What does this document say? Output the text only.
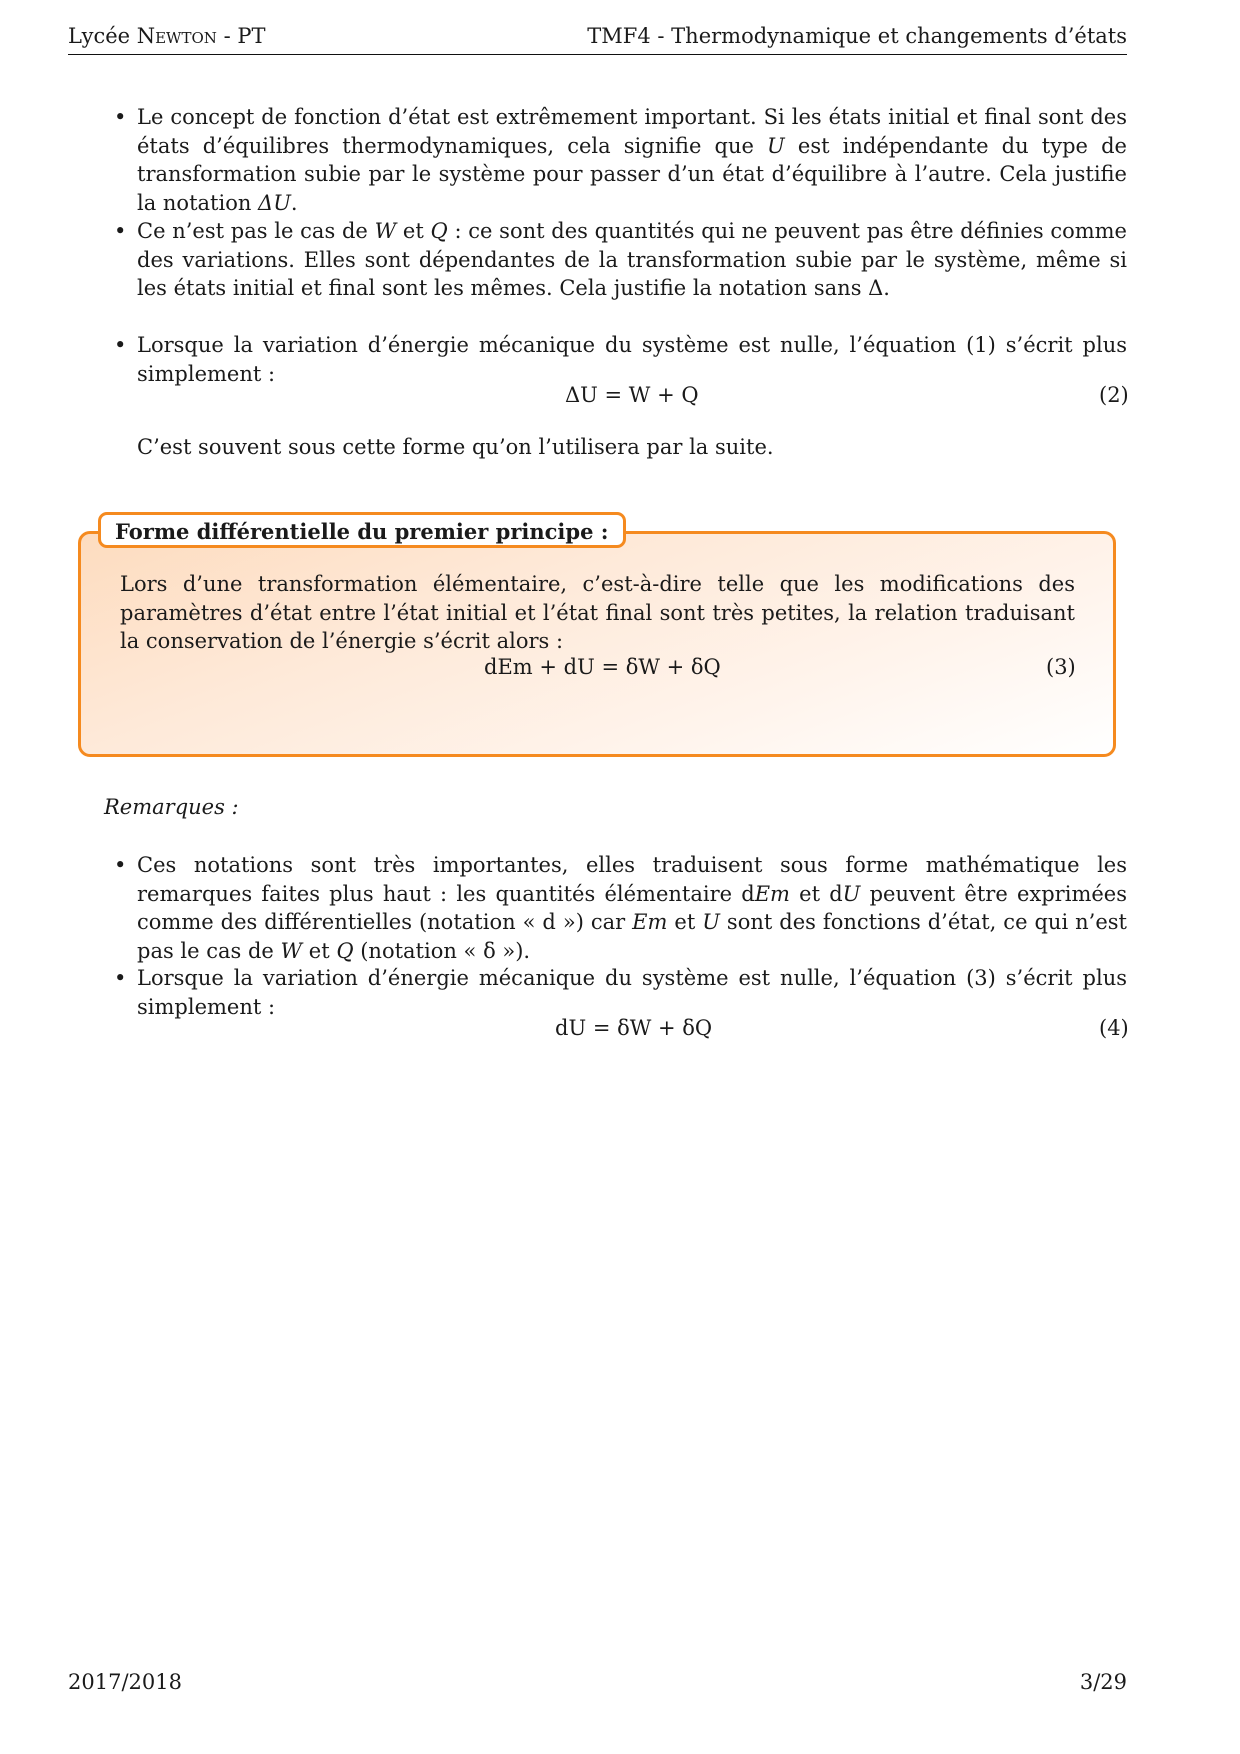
Lycée Newton - PT	TMF4 - Thermodynamique et changements d’états
• Le concept de fonction d’état est extrêmement important. Si les états initial et final sont des états d’équilibres thermodynamiques, cela signifie que U est indépendante du type de transformation subie par le système pour passer d’un état d’équilibre à l’autre. Cela justifie la notation ΔU.
• Ce n’est pas le cas de W et Q : ce sont des quantités qui ne peuvent pas être définies comme des variations. Elles sont dépendantes de la transformation subie par le système, même si les états initial et final sont les mêmes. Cela justifie la notation sans Δ.
• Lorsque la variation d’énergie mécanique du système est nulle, l’équation (1) s’écrit plus simplement :
ΔU = W + Q	(2)
C’est souvent sous cette forme qu’on l’utilisera par la suite.
Forme différentielle du premier principe :
Lors d’une transformation élémentaire, c’est-à-dire telle que les modifications des paramètres d’état entre l’état initial et l’état final sont très petites, la relation traduisant la conservation de l’énergie s’écrit alors :
dEm + dU = δW + δQ	(3)
Remarques :
• Ces notations sont très importantes, elles traduisent sous forme mathématique les remarques faites plus haut : les quantités élémentaire dEm et dU peuvent être exprimées comme des différentielles (notation « d ») car Em et U sont des fonctions d’état, ce qui n’est pas le cas de W et Q (notation « δ »).
• Lorsque la variation d’énergie mécanique du système est nulle, l’équation (3) s’écrit plus simplement :
dU = δW + δQ	(4)
2017/2018	3/29
